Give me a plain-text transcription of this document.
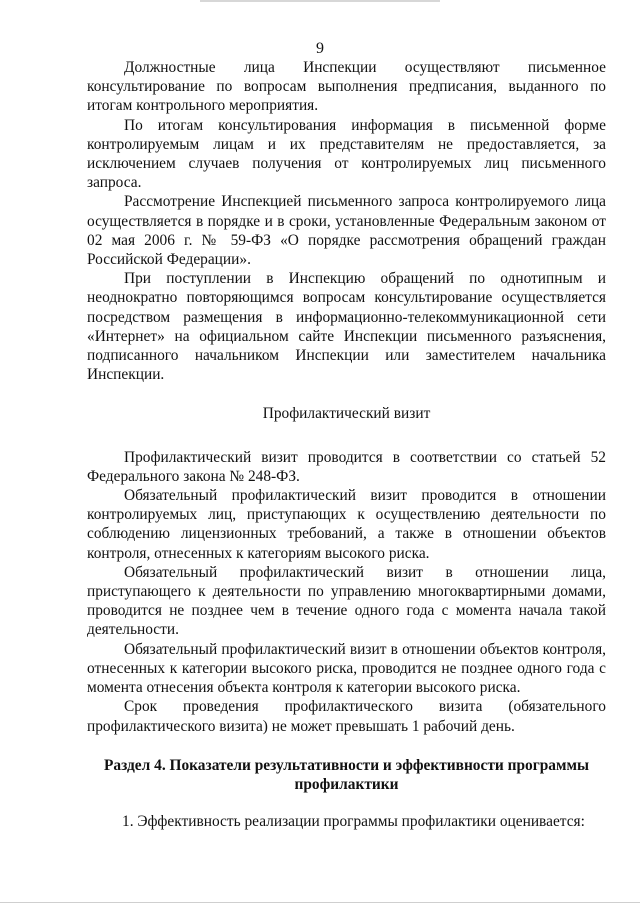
9

Должностные лица Инспекции осуществляют письменное консультирование по вопросам выполнения предписания, выданного по итогам контрольного мероприятия.

По итогам консультирования информация в письменной форме контролируемым лицам и их представителям не предоставляется, за исключением случаев получения от контролируемых лиц письменного запроса.

Рассмотрение Инспекцией письменного запроса контролируемого лица осуществляется в порядке и в сроки, установленные Федеральным законом от 02 мая 2006 г. № 59-ФЗ «О порядке рассмотрения обращений граждан Российской Федерации».

При поступлении в Инспекцию обращений по однотипным и неоднократно повторяющимся вопросам консультирование осуществляется посредством размещения в информационно-телекоммуникационной сети «Интернет» на официальном сайте Инспекции письменного разъяснения, подписанного начальником Инспекции или заместителем начальника Инспекции.

Профилактический визит

Профилактический визит проводится в соответствии со статьей 52 Федерального закона № 248-ФЗ.

Обязательный профилактический визит проводится в отношении контролируемых лиц, приступающих к осуществлению деятельности по соблюдению лицензионных требований, а также в отношении объектов контроля, отнесенных к категориям высокого риска.

Обязательный профилактический визит в отношении лица, приступающего к деятельности по управлению многоквартирными домами, проводится не позднее чем в течение одного года с момента начала такой деятельности.

Обязательный профилактический визит в отношении объектов контроля, отнесенных к категории высокого риска, проводится не позднее одного года с момента отнесения объекта контроля к категории высокого риска.

Срок проведения профилактического визита (обязательного профилактического визита) не может превышать 1 рабочий день.

Раздел 4. Показатели результативности и эффективности программы
профилактики

1. Эффективность реализации программы профилактики оценивается:
